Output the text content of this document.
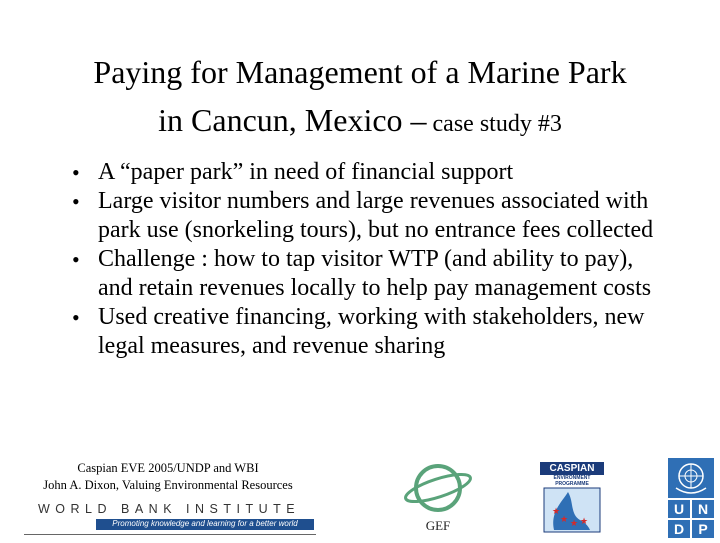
Paying for Management of a Marine Park
in Cancun, Mexico – case study #3
• A “paper park” in need of financial support
• Large visitor numbers and large revenues associated with park use (snorkeling tours), but no entrance fees collected
• Challenge : how to tap visitor WTP (and ability to pay), and retain revenues locally to help pay management costs
• Used creative financing, working with stakeholders, new legal measures, and revenue sharing
Caspian EVE 2005/UNDP and WBI
John A. Dixon, Valuing Environmental Resources
WORLD BANK INSTITUTE
Promoting knowledge and learning for a better world	GEF
CASPIAN
ENVIRONMENT PROGRAMME
★
★ ★ ★
U N
D	P
